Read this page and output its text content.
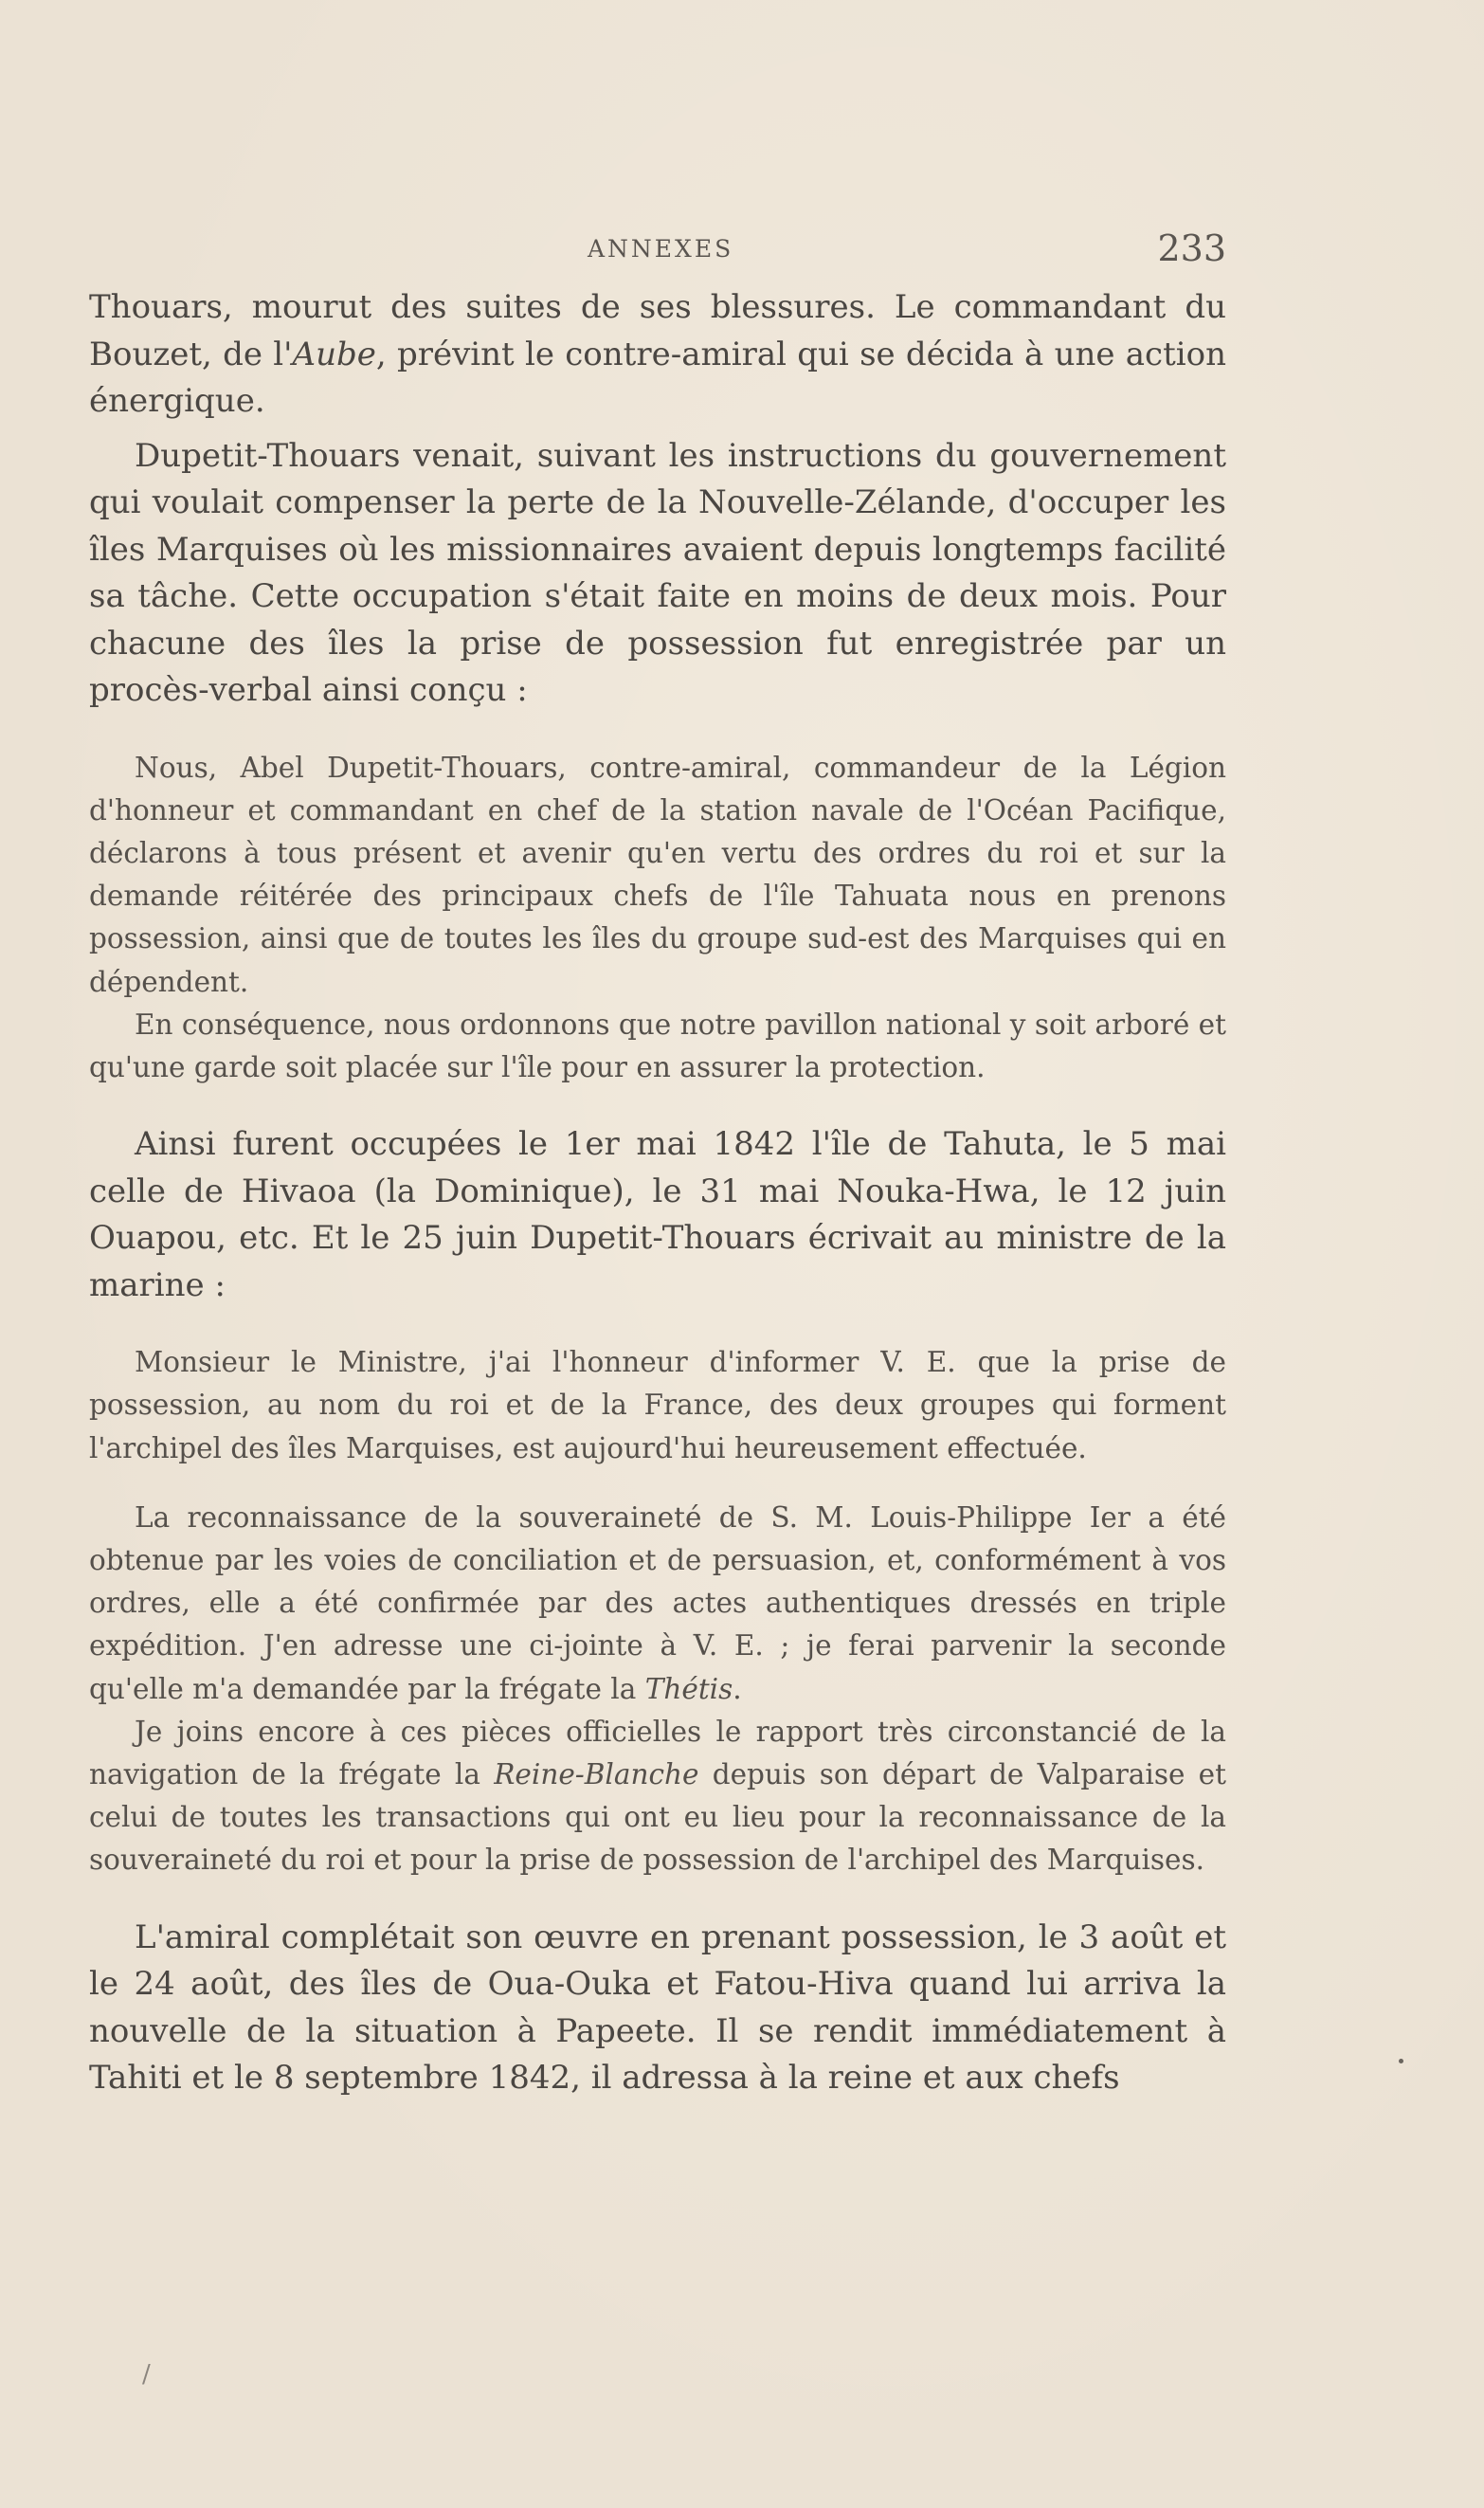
ANNEXES	233

Thouars, mourut des suites de ses blessures. Le commandant du Bouzet, de l'Aube, prévint le contre-amiral qui se décida à une action énergique.

Dupetit-Thouars venait, suivant les instructions du gouvernement qui voulait compenser la perte de la Nouvelle-Zélande, d'occuper les îles Marquises où les missionnaires avaient depuis longtemps facilité sa tâche. Cette occupation s'était faite en moins de deux mois. Pour chacune des îles la prise de possession fut enregistrée par un procès-verbal ainsi conçu :

Nous, Abel Dupetit-Thouars, contre-amiral, commandeur de la Légion d'honneur et commandant en chef de la station navale de l'Océan Pacifique, déclarons à tous présent et avenir qu'en vertu des ordres du roi et sur la demande réitérée des principaux chefs de l'île Tahuata nous en prenons possession, ainsi que de toutes les îles du groupe sud-est des Marquises qui en dépendent.

En conséquence, nous ordonnons que notre pavillon national y soit arboré et qu'une garde soit placée sur l'île pour en assurer la protection.

Ainsi furent occupées le 1er mai 1842 l'île de Tahuta, le 5 mai celle de Hivaoa (la Dominique), le 31 mai Nouka-Hwa, le 12 juin Ouapou, etc. Et le 25 juin Dupetit-Thouars écrivait au ministre de la marine :

Monsieur le Ministre, j'ai l'honneur d'informer V. E. que la prise de possession, au nom du roi et de la France, des deux groupes qui forment l'archipel des îles Marquises, est aujourd'hui heureusement effectuée.

La reconnaissance de la souveraineté de S. M. Louis-Philippe Ier a été obtenue par les voies de conciliation et de persuasion, et, conformément à vos ordres, elle a été confirmée par des actes authentiques dressés en triple expédition. J'en adresse une ci-jointe à V. E. ; je ferai parvenir la seconde qu'elle m'a demandée par la frégate la Thétis.

Je joins encore à ces pièces officielles le rapport très circonstancié de la navigation de la frégate la Reine-Blanche depuis son départ de Valparaise et celui de toutes les transactions qui ont eu lieu pour la reconnaissance de la souveraineté du roi et pour la prise de possession de l'archipel des Marquises.

L'amiral complétait son œuvre en prenant possession, le 3 août et le 24 août, des îles de Oua-Ouka et Fatou-Hiva quand lui arriva la nouvelle de la situation à Papeete. Il se rendit immédiatement à Tahiti et le 8 septembre 1842, il adressa à la reine et aux chefs

/
